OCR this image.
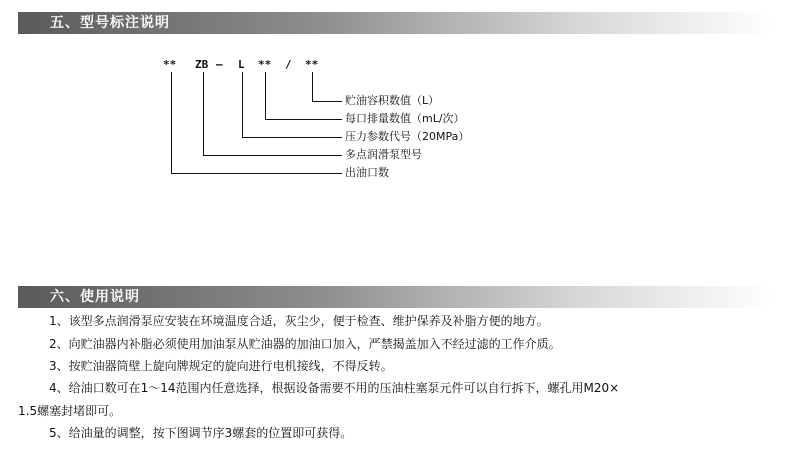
五、型号标注说明
** ZB — L ** / **
贮油容积数值（L）
每口排量数值（mL/次）
压力参数代号（20MPa）
多点润滑泵型号
出油口数
六、使用说明
1、该型多点润滑泵应安装在环境温度合适，灰尘少，便于检查、维护保养及补脂方便的地方。
2、向贮油器内补脂必须使用加油泵从贮油器的加油口加入，严禁揭盖加入不经过滤的工作介质。
3、按贮油器筒壁上旋向牌规定的旋向进行电机接线，不得反转。
4、给油口数可在1～14范围内任意选择，根据设备需要不用的压油柱塞泵元件可以自行拆下，螺孔用M20×
1.5螺塞封堵即可。
5、给油量的调整，按下图调节序3螺套的位置即可获得。
